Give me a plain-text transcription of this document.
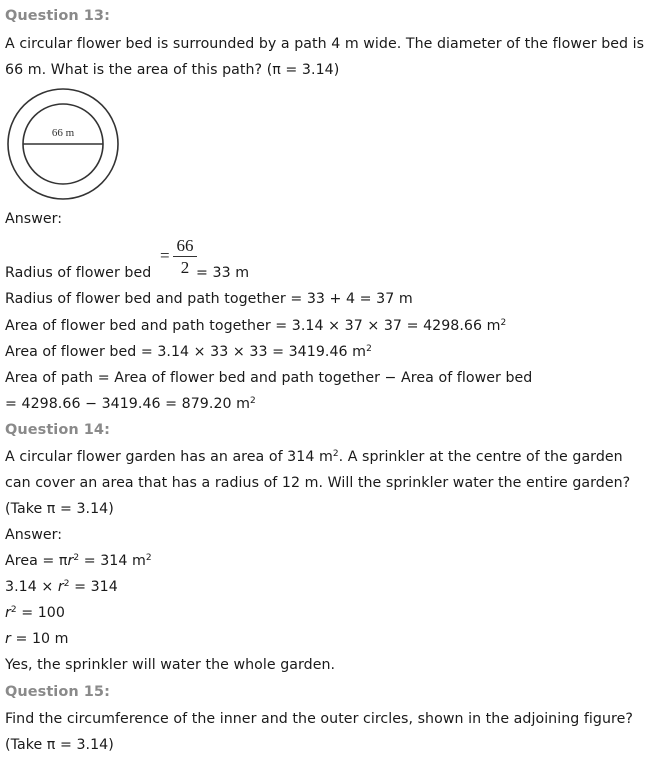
Question 13:
A circular flower bed is surrounded by a path 4 m wide. The diameter of the flower bed is
66 m. What is the area of this path? (π = 3.14)
66 m
Answer:
Radius of flower bed
=
66
2 = 33 m
Radius of flower bed and path together = 33 + 4 = 37 m
Area of flower bed and path together = 3.14 × 37 × 37 = 4298.66 $m^2$
Area of flower bed = 3.14 × 33 × 33 = 3419.46 $m^2$
Area of path = Area of flower bed and path together − Area of flower bed
= 4298.66 − 3419.46 = 879.20 $m^2$
Question 14:
A circular flower garden has an area of 314 $m^2$. A sprinkler at the centre of the garden
can cover an area that has a radius of 12 m. Will the sprinkler water the entire garden?
(Take π = 3.14)
Answer:
Area = $\pi r^2 = 314$ $m^2$
$3.14 \times r^2 = 314$
$r^2 = 100$
r = 10 m
Yes, the sprinkler will water the whole garden.
Question 15:
Find the circumference of the inner and the outer circles, shown in the adjoining figure?
(Take π = 3.14)
